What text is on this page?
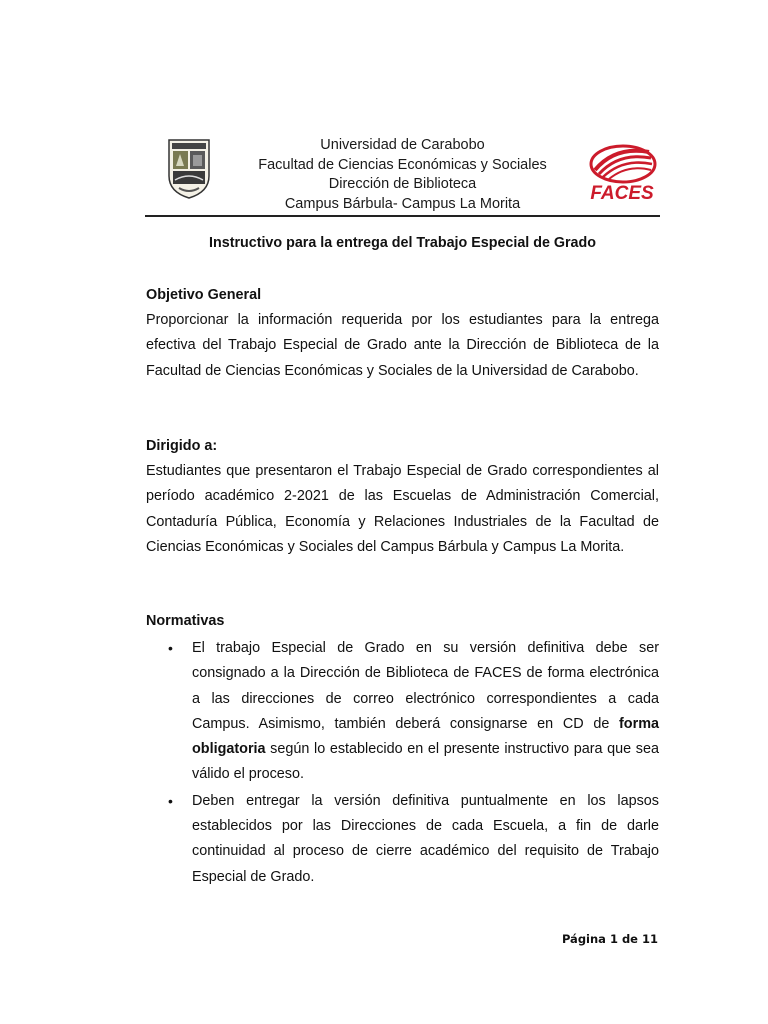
Universidad de Carabobo
Facultad de Ciencias Económicas y Sociales
Dirección de Biblioteca
Campus Bárbula- Campus La Morita	FACES
Instructivo para la entrega del Trabajo Especial de Grado
Objetivo General
Proporcionar la información requerida por los estudiantes para la entrega efectiva del Trabajo Especial de Grado ante la Dirección de Biblioteca de la Facultad de Ciencias Económicas y Sociales de la Universidad de Carabobo.
Dirigido a:
Estudiantes que presentaron el Trabajo Especial de Grado correspondientes al período académico 2-2021 de las Escuelas de Administración Comercial, Contaduría Pública, Economía y Relaciones Industriales de la Facultad de Ciencias Económicas y Sociales del Campus Bárbula y Campus La Morita.
Normativas
• El trabajo Especial de Grado en su versión definitiva debe ser consignado a la Dirección de Biblioteca de FACES de forma electrónica a las direcciones de correo electrónico correspondientes a cada Campus. Asimismo, también deberá consignarse en CD de forma obligatoria según lo establecido en el presente instructivo para que sea válido el proceso.
• Deben entregar la versión definitiva puntualmente en los lapsos establecidos por las Direcciones de cada Escuela, a fin de darle continuidad al proceso de cierre académico del requisito de Trabajo Especial de Grado.
Página 1 de 11
